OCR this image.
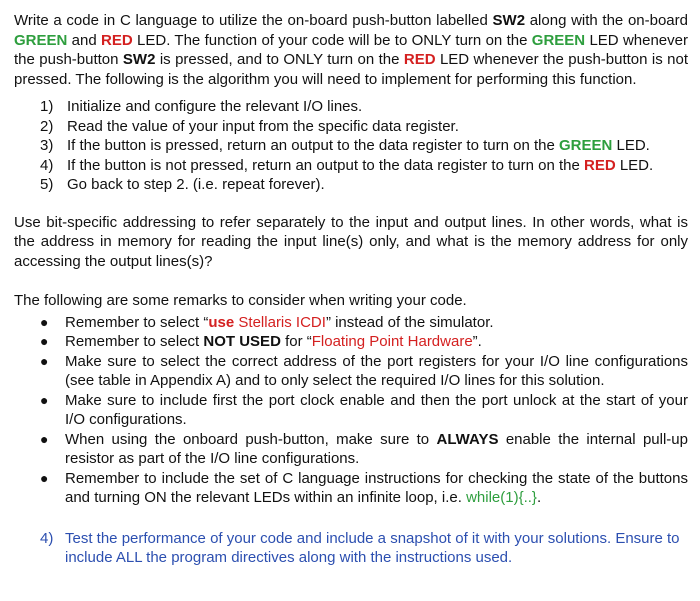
Write a code in C language to utilize the on-board push-button labelled SW2 along with the on-board GREEN and RED LED. The function of your code will be to ONLY turn on the GREEN LED whenever the push-button SW2 is pressed, and to ONLY turn on the RED LED whenever the push-button is not pressed. The following is the algorithm you will need to implement for performing this function.

1) Initialize and configure the relevant I/O lines.
2) Read the value of your input from the specific data register.
3) If the button is pressed, return an output to the data register to turn on the GREEN LED.
4) If the button is not pressed, return an output to the data register to turn on the RED LED.
5) Go back to step 2. (i.e. repeat forever).

Use bit-specific addressing to refer separately to the input and output lines. In other words, what is the address in memory for reading the input line(s) only, and what is the memory address for only accessing the output lines(s)?

The following are some remarks to consider when writing your code.

● Remember to select “use Stellaris ICDI” instead of the simulator.
● Remember to select NOT USED for “Floating Point Hardware”.
● Make sure to select the correct address of the port registers for your I/O line configurations (see table in Appendix A) and to only select the required I/O lines for this solution.
● Make sure to include first the port clock enable and then the port unlock at the start of your I/O configurations.
● When using the onboard push-button, make sure to ALWAYS enable the internal pull-up resistor as part of the I/O line configurations.
● Remember to include the set of C language instructions for checking the state of the buttons and turning ON the relevant LEDs within an infinite loop, i.e. while(1){..}.

4) Test the performance of your code and include a snapshot of it with your solutions. Ensure to include ALL the program directives along with the instructions used.
